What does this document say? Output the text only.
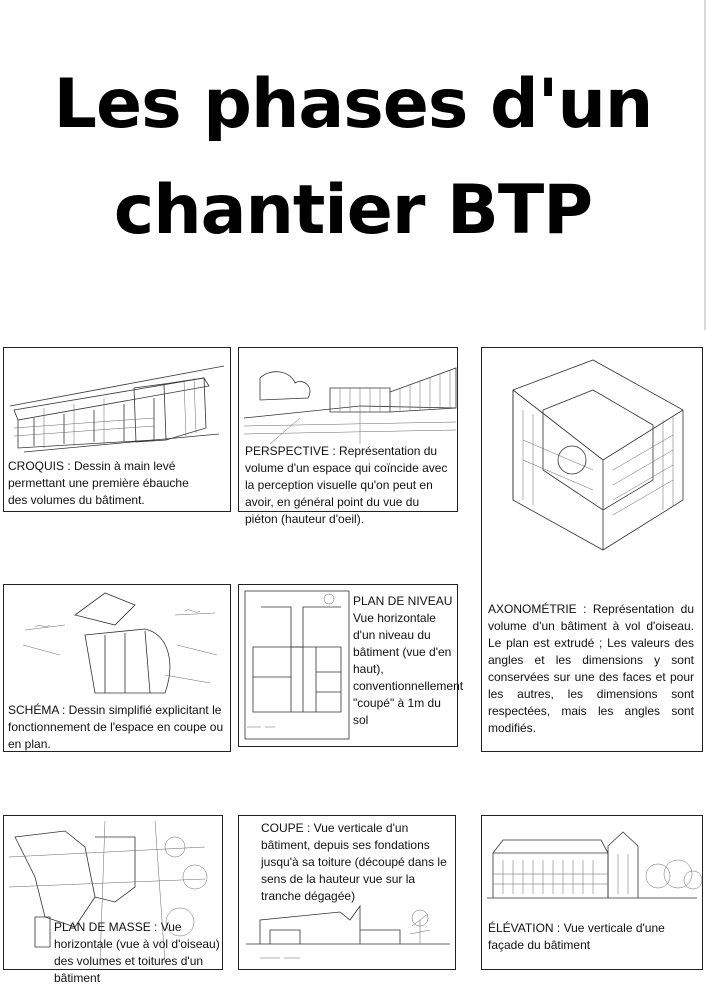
Les phases d'un
chantier BTP
CROQUIS : Dessin à main levé permettant une première ébauche des volumes du bâtiment.
PERSPECTIVE : Représentation du volume d'un espace qui coïncide avec la perception visuelle qu'on peut en avoir, en général point du vue du piéton (hauteur d'oeil).
AXONOMÉTRIE : Représentation du volume d'un bâtiment à vol d'oiseau. Le plan est extrudé ; Les valeurs des angles et les dimensions y sont conservées sur une des faces et pour les autres, les dimensions sont respectées, mais les angles sont modifiés.
SCHÉMA : Dessin simplifié explicitant le fonctionnement de l'espace en coupe ou en plan.
PLAN DE NIVEAU Vue horizontale d'un niveau du bâtiment (vue d'en haut), conventionnellement "coupé" à 1m du sol
PLAN DE MASSE : Vue horizontale (vue à vol d'oiseau) des volumes et toitures d'un bâtiment
COUPE : Vue verticale d'un bâtiment, depuis ses fondations jusqu'à sa toiture (découpé dans le sens de la hauteur vue sur la tranche dégagée)
ÉLÉVATION : Vue verticale d'une façade du bâtiment
